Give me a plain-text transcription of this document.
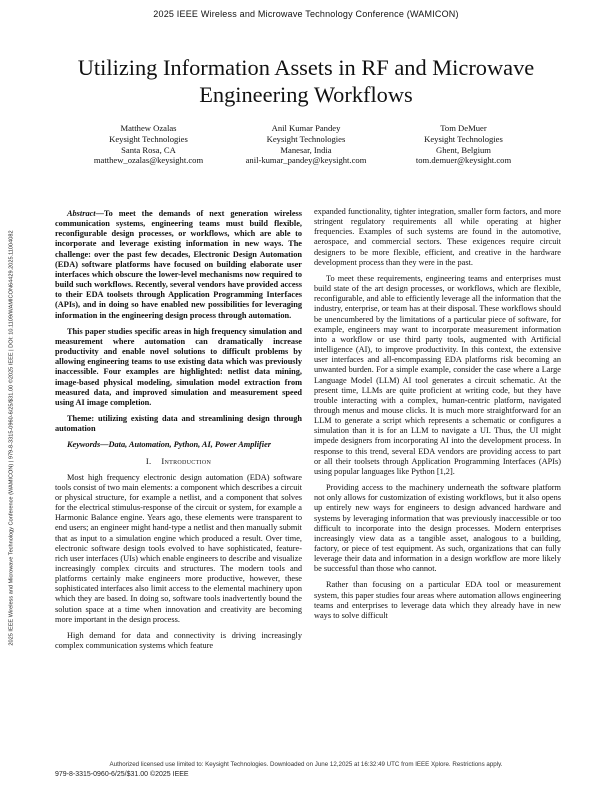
2025 IEEE Wireless and Microwave Technology Conference (WAMICON)
2025 IEEE Wireless and Microwave Technology Conference (WAMICON) | 979-8-3315-0960-6/25/$31.00 ©2025 IEEE | DOI: 10.1109/WAMICON64429.2025.11004082
Utilizing Information Assets in RF and Microwave Engineering Workflows
Matthew Ozalas
Keysight Technologies
Santa Rosa, CA
matthew_ozalas@keysight.com
Anil Kumar Pandey
Keysight Technologies
Manesar, India
anil-kumar_pandey@keysight.com
Tom DeMuer
Keysight Technologies
Ghent, Belgium
tom.demuer@keysight.com

Abstract—To meet the demands of next generation wireless communication systems, engineering teams must build flexible, reconfigurable design processes, or workflows, which are able to incorporate and leverage existing information in new ways. The challenge: over the past few decades, Electronic Design Automation (EDA) software platforms have focused on building elaborate user interfaces which obscure the lower-level mechanisms now required to build such workflows. Recently, several vendors have provided access to their EDA toolsets through Application Programming Interfaces (APIs), and in doing so have enabled new possibilities for leveraging information in the engineering design process through automation.

This paper studies specific areas in high frequency simulation and measurement where automation can dramatically increase productivity and enable novel solutions to difficult problems by allowing engineering teams to use existing data which was previously inaccessible. Four examples are highlighted: netlist data mining, image-based physical modeling, simulation model extraction from measured data, and improved simulation and measurement speed using AI image completion.

Theme: utilizing existing data and streamlining design through automation

Keywords—Data, Automation, Python, AI, Power Amplifier

I. Introduction

Most high frequency electronic design automation (EDA) software tools consist of two main elements: a component which describes a circuit or physical structure, for example a netlist, and a component that solves for the electrical stimulus-response of the circuit or system, for example a Harmonic Balance engine. Years ago, these elements were transparent to end users; an engineer might hand-type a netlist and then manually submit that as input to a simulation engine which produced a result. Over time, electronic software design tools evolved to have sophisticated, feature-rich user interfaces (UIs) which enable engineers to describe and visualize increasingly complex circuits and structures. The modern tools and platforms certainly make engineers more productive, however, these sophisticated interfaces also limit access to the elemental machinery upon which they are based. In doing so, software tools inadvertently bound the solution space at a time when innovation and creativity are becoming more important in the design process.

High demand for data and connectivity is driving increasingly complex communication systems which feature

expanded functionality, tighter integration, smaller form factors, and more stringent regulatory requirements all while operating at higher frequencies. Examples of such systems are found in the automotive, aerospace, and commercial sectors. These exigences require circuit designers to be more flexible, efficient, and creative in the hardware development process than they were in the past.

To meet these requirements, engineering teams and enterprises must build state of the art design processes, or workflows, which are flexible, reconfigurable, and able to efficiently leverage all the information that the industry, enterprise, or team has at their disposal. These workflows should be unencumbered by the limitations of a particular piece of software, for example, engineers may want to incorporate measurement information into a workflow or use third party tools, augmented with Artificial intelligence (AI), to improve productivity. In this context, the extensive user interfaces and all-encompassing EDA platforms risk becoming an unwanted burden. For a simple example, consider the case where a Large Language Model (LLM) AI tool generates a circuit schematic. At the present time, LLMs are quite proficient at writing code, but they have trouble interacting with a complex, human-centric platform, navigated through menus and mouse clicks. It is much more straightforward for an LLM to generate a script which represents a schematic or configures a simulation than it is for an LLM to navigate a UI. Thus, the UI might impede designers from incorporating AI into the development process. In response to this trend, several EDA vendors are providing access to part or all their toolsets through Application Programming Interfaces (APIs) using popular languages like Python [1,2].

Providing access to the machinery underneath the software platform not only allows for customization of existing workflows, but it also opens up entirely new ways for engineers to design advanced hardware and systems by leveraging information that was previously inaccessible or too difficult to incorporate into the design processes. Modern enterprises increasingly view data as a tangible asset, analogous to a building, factory, or piece of test equipment. As such, organizations that can fully leverage their data and information in a design workflow are more likely be successful than those who cannot.

Rather than focusing on a particular EDA tool or measurement system, this paper studies four areas where automation allows engineering teams and enterprises to leverage data which they already have in new ways to solve difficult

Authorized licensed use limited to: Keysight Technologies. Downloaded on June 12,2025 at 16:32:49 UTC from IEEE Xplore. Restrictions apply.
979-8-3315-0960-6/25/$31.00 ©2025 IEEE
